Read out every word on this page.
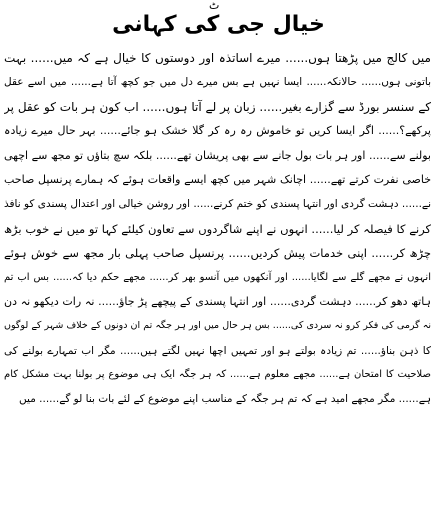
ٹ
خیال جی کی کہانی
میں کالج میں پڑھتا ہوں...... میرے اساتذہ اور دوستوں کا خیال ہے کہ میں...... بہت
باتونی ہوں...... حالانکہ...... ایسا نہیں ہے بس میرے دل میں جو کچھ آتا ہے...... میں اسے عقل
کے سنسر بورڈ سے گزارے بغیر...... زبان پر لے آتا ہوں...... اب کون ہر بات کو عقل پر
پرکھے؟...... اگر ایسا کریں تو خاموش رہ رہ کر گلا خشک ہو جائے...... بہر حال میرے زیادہ
بولنے سے...... اور ہر بات بول جانے سے بھی پریشان تھے...... بلکہ سچ بتاؤں تو مجھ سے اچھی
خاصی نفرت کرتے تھے...... اچانک شہر میں کچھ ایسے واقعات ہوئے کہ ہمارے پرنسپل صاحب
نے...... دہشت گردی اور انتہا پسندی کو ختم کرنے...... اور روشن خیالی اور اعتدال پسندی کو نافذ
کرنے کا فیصلہ کر لیا...... انہوں نے اپنے شاگردوں سے تعاون کیلئے کہا تو میں نے خوب بڑھ
چڑھ کر...... اپنی خدمات پیش کردیں...... پرنسپل صاحب پہلی بار مجھ سے خوش ہوئے
انہوں نے مجھے گلے سے لگایا...... اور آنکھوں میں آنسو بھر کر...... مجھے حکم دیا کہ...... بس اب تم
ہاتھ دھو کر...... دہشت گردی...... اور انتہا پسندی کے پیچھے پڑ جاؤ...... نہ رات دیکھو نہ دن
نہ گرمی کی فکر کرو نہ سردی کی...... بس ہر حال میں اور ہر جگہ تم ان دونوں کے خلاف شہر کے لوگوں
کا ذہن بناؤ...... تم زیادہ بولتے ہو اور تمہیں اچھا نہیں لگتے ہیں...... مگر اب تمہارے بولنے کی
صلاحیت کا امتحان ہے...... مجھے معلوم ہے...... کہ ہر جگہ ایک ہی موضوع پر بولنا بہت مشکل کام
ہے...... مگر مجھے امید ہے کہ تم ہر جگہ کے مناسب اپنے موضوع کے لئے بات بنا لو گے...... میں
